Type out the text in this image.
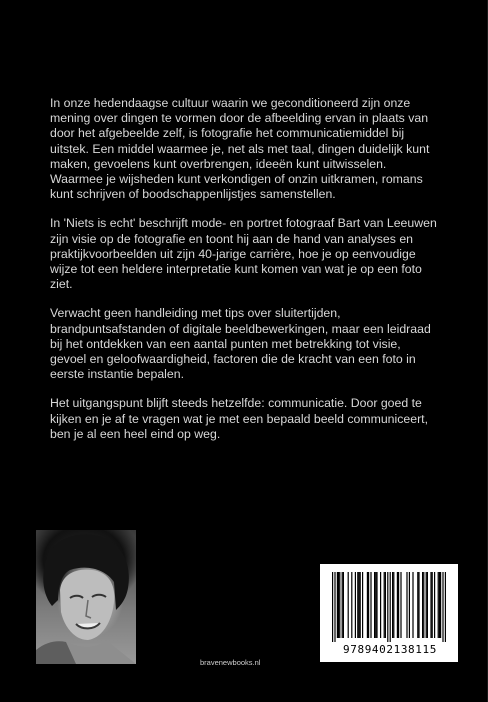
In onze hedendaagse cultuur waarin we geconditioneerd zijn onze mening over dingen te vormen door de afbeelding ervan in plaats van door het afgebeelde zelf, is fotografie het communicatiemiddel bij uitstek. Een middel waarmee je, net als met taal, dingen duidelijk kunt maken, gevoelens kunt overbrengen, ideeën kunt uitwisselen. Waarmee je wijsheden kunt verkondigen of onzin uitkramen, romans kunt schrijven of boodschappenlijstjes samenstellen.

In 'Niets is echt' beschrijft mode- en portret fotograaf Bart van Leeuwen zijn visie op de fotografie en toont hij aan de hand van analyses en praktijkvoorbeelden uit zijn 40-jarige carrière, hoe je op eenvoudige wijze tot een heldere interpretatie kunt komen van wat je op een foto ziet.

Verwacht geen handleiding met tips over sluitertijden, brandpuntsafstanden of digitale beeldbewerkingen, maar een leidraad bij het ontdekken van een aantal punten met betrekking tot visie, gevoel en geloofwaardigheid, factoren die de kracht van een foto in eerste instantie bepalen.

Het uitgangspunt blijft steeds hetzelfde: communicatie. Door goed te kijken en je af te vragen wat je met een bepaald beeld communiceert, ben je al een heel eind op weg.

bravenewbooks.nl
9789402138115
